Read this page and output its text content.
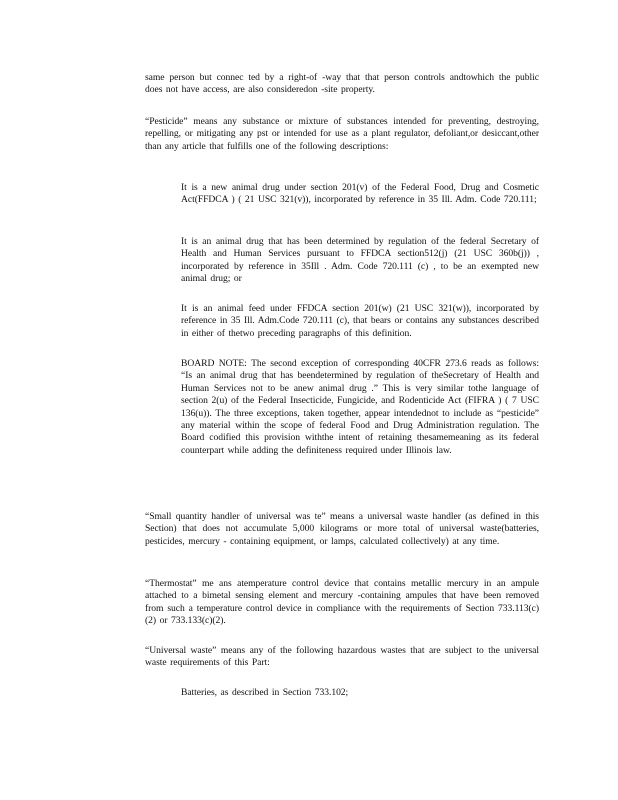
same person but connec ted by a right-of -way that that person controls andtowhich the public does not have access, are also consideredon -site property.

“Pesticide” means any substance or mixture of substances intended for preventing, destroying, repelling, or mitigating any pst or intended for use as a plant regulator, defoliant,or desiccant,other than any article that fulfills one of the following descriptions:

It is a new animal drug under section 201(v) of the Federal Food, Drug and Cosmetic Act(FFDCA ) ( 21 USC 321(v)), incorporated by reference in 35 Ill. Adm. Code 720.111;

It is an animal drug that has been determined by regulation of the federal Secretary of Health and Human Services pursuant to FFDCA section512(j) (21 USC 360b(j)) , incorporated by reference in 35Ill . Adm. Code 720.111 (c) , to be an exempted new animal drug; or

It is an animal feed under FFDCA section 201(w) (21 USC 321(w)), incorporated by reference in 35 Ill. Adm.Code 720.111 (c), that bears or contains any substances described in either of thetwo preceding paragraphs of this definition.

BOARD NOTE: The second exception of corresponding 40CFR 273.6 reads as follows: “Is an animal drug that has beendetermined by regulation of theSecretary of Health and Human Services not to be anew animal drug .” This is very similar tothe language of section 2(u) of the Federal Insecticide, Fungicide, and Rodenticide Act (FIFRA ) ( 7 USC 136(u)). The three exceptions, taken together, appear intendednot to include as “pesticide” any material within the scope of federal Food and Drug Administration regulation. The Board codified this provision withthe intent of retaining thesamemeaning as its federal counterpart while adding the definiteness required under Illinois law.

“Small quantity handler of universal was te” means a universal waste handler (as defined in this Section) that does not accumulate 5,000 kilograms or more total of universal waste(batteries, pesticides, mercury - containing equipment, or lamps, calculated collectively) at any time.

“Thermostat” me ans atemperature control device that contains metallic mercury in an ampule attached to a bimetal sensing element and mercury -containing ampules that have been removed from such a temperature control device in compliance with the requirements of Section 733.113(c)(2) or 733.133(c)(2).

“Universal waste” means any of the following hazardous wastes that are subject to the universal waste requirements of this Part:

Batteries, as described in Section 733.102;
